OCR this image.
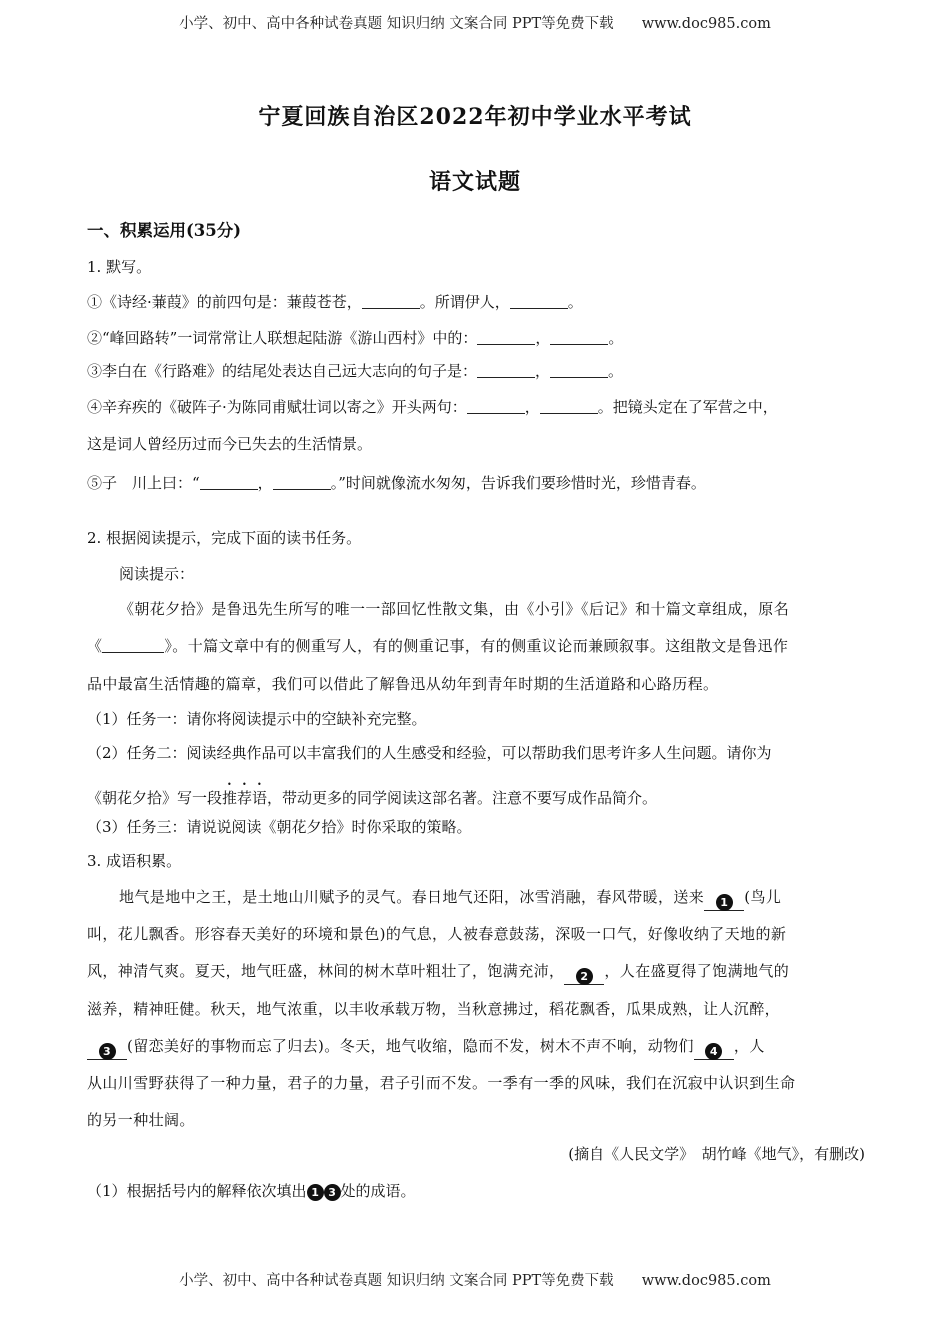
小学、初中、高中各种试卷真题 知识归纳 文案合同 PPT等免费下载 www.doc985.com
宁夏回族自治区2022年初中学业水平考试
语文试题
一、积累运用(35分)
1. 默写。
①《诗经·蒹葭》的前四句是：蒹葭苍苍，	。所谓伊人，	。
②“峰回路转”一词常常让人联想起陆游《游山西村》中的：	，	。
③李白在《行路难》的结尾处表达自己远大志向的句子是：	，	。
④辛弃疾的《破阵子·为陈同甫赋壮词以寄之》开头两句：	，	。把镜头定在了军营之中，
这是词人曾经历过而今已失去的生活情景。
⑤子　川上曰：“	，	。”时间就像流水匆匆，告诉我们要珍惜时光，珍惜青春。
2. 根据阅读提示，完成下面的读书任务。
阅读提示：
《朝花夕拾》是鲁迅先生所写的唯一一部回忆性散文集，由《小引》《后记》和十篇文章组成，原名
《	》。十篇文章中有的侧重写人，有的侧重记事，有的侧重议论而兼顾叙事。这组散文是鲁迅作
品中最富生活情趣的篇章，我们可以借此了解鲁迅从幼年到青年时期的生活道路和心路历程。
（1）任务一：请你将阅读提示中的空缺补充完整。
（2）任务二：阅读经典作品可以丰富我们的人生感受和经验，可以帮助我们思考许多人生问题。请你为
《朝花夕拾》写一段推荐语，带动更多的同学阅读这部名著。注意不要写成作品简介。
（3）任务三：请说说阅读《朝花夕拾》时你采取的策略。
3. 成语积累。
地气是地中之王，是土地山川赋予的灵气。春日地气还阳，冰雪消融，春风带暖，送来 1 (鸟儿
叫，花儿飘香。形容春天美好的环境和景色)的气息，人被春意鼓荡，深吸一口气，好像收纳了天地的新
风，神清气爽。夏天，地气旺盛，林间的树木草叶粗壮了，饱满充沛， 2 ，人在盛夏得了饱满地气的
滋养，精神旺健。秋天，地气浓重，以丰收承载万物，当秋意拂过，稻花飘香，瓜果成熟，让人沉醉，
3 (留恋美好的事物而忘了归去)。冬天，地气收缩，隐而不发，树木不声不响，动物们 4 ，人
从山川雪野获得了一种力量，君子的力量，君子引而不发。一季有一季的风味，我们在沉寂中认识到生命
的另一种壮阔。
(摘自《人民文学》　胡竹峰《地气》，有删改)
（1）根据括号内的解释依次填出 1 3 处的成语。
小学、初中、高中各种试卷真题 知识归纳 文案合同 PPT等免费下载 www.doc985.com
